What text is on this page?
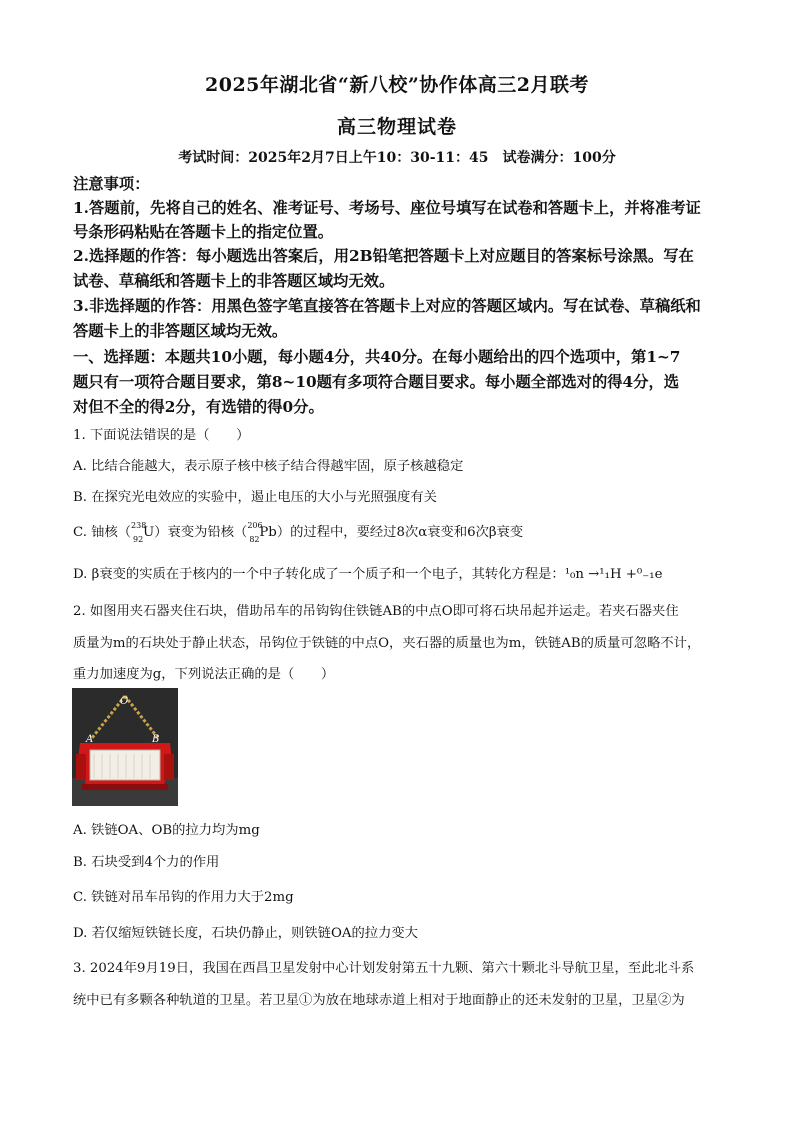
2025年湖北省“新八校”协作体高三2月联考
高三物理试卷
考试时间：2025年2月7日上午10：30-11：45　试卷满分：100分
注意事项：
1.答题前，先将自己的姓名、准考证号、考场号、座位号填写在试卷和答题卡上，并将准考证
号条形码粘贴在答题卡上的指定位置。
2.选择题的作答：每小题选出答案后，用2B铅笔把答题卡上对应题目的答案标号涂黑。写在
试卷、草稿纸和答题卡上的非答题区域均无效。
3.非选择题的作答：用黑色签字笔直接答在答题卡上对应的答题区域内。写在试卷、草稿纸和
答题卡上的非答题区域均无效。
一、选择题：本题共10小题，每小题4分，共40分。在每小题给出的四个选项中，第1~7
题只有一项符合题目要求，第8~10题有多项符合题目要求。每小题全部选对的得4分，选
对但不全的得2分，有选错的得0分。
1. 下面说法错误的是（　　）
A. 比结合能越大，表示原子核中核子结合得越牢固，原子核越稳定
B. 在探究光电效应的实验中，遏止电压的大小与光照强度有关
C. 铀核（ 238
92 U）衰变为铅核（ 206
82 Pb）的过程中，要经过8次α衰变和6次β衰变
D. β衰变的实质在于核内的一个中子转化成了一个质子和一个电子，其转化方程是：¹₀n →¹₁H +⁰₋₁e
2. 如图用夹石器夹住石块，借助吊车的吊钩钩住铁链AB的中点O即可将石块吊起并运走。若夹石器夹住
质量为m的石块处于静止状态，吊钩位于铁链的中点O，夹石器的质量也为m，铁链AB的质量可忽略不计，
重力加速度为g，下列说法正确的是（　　）
O
A	B
A. 铁链OA、OB的拉力均为mg
B. 石块受到4个力的作用
C. 铁链对吊车吊钩的作用力大于2mg
D. 若仅缩短铁链长度，石块仍静止，则铁链OA的拉力变大
3. 2024年9月19日，我国在西昌卫星发射中心计划发射第五十九颗、第六十颗北斗导航卫星，至此北斗系
统中已有多颗各种轨道的卫星。若卫星①为放在地球赤道上相对于地面静止的还未发射的卫星，卫星②为
